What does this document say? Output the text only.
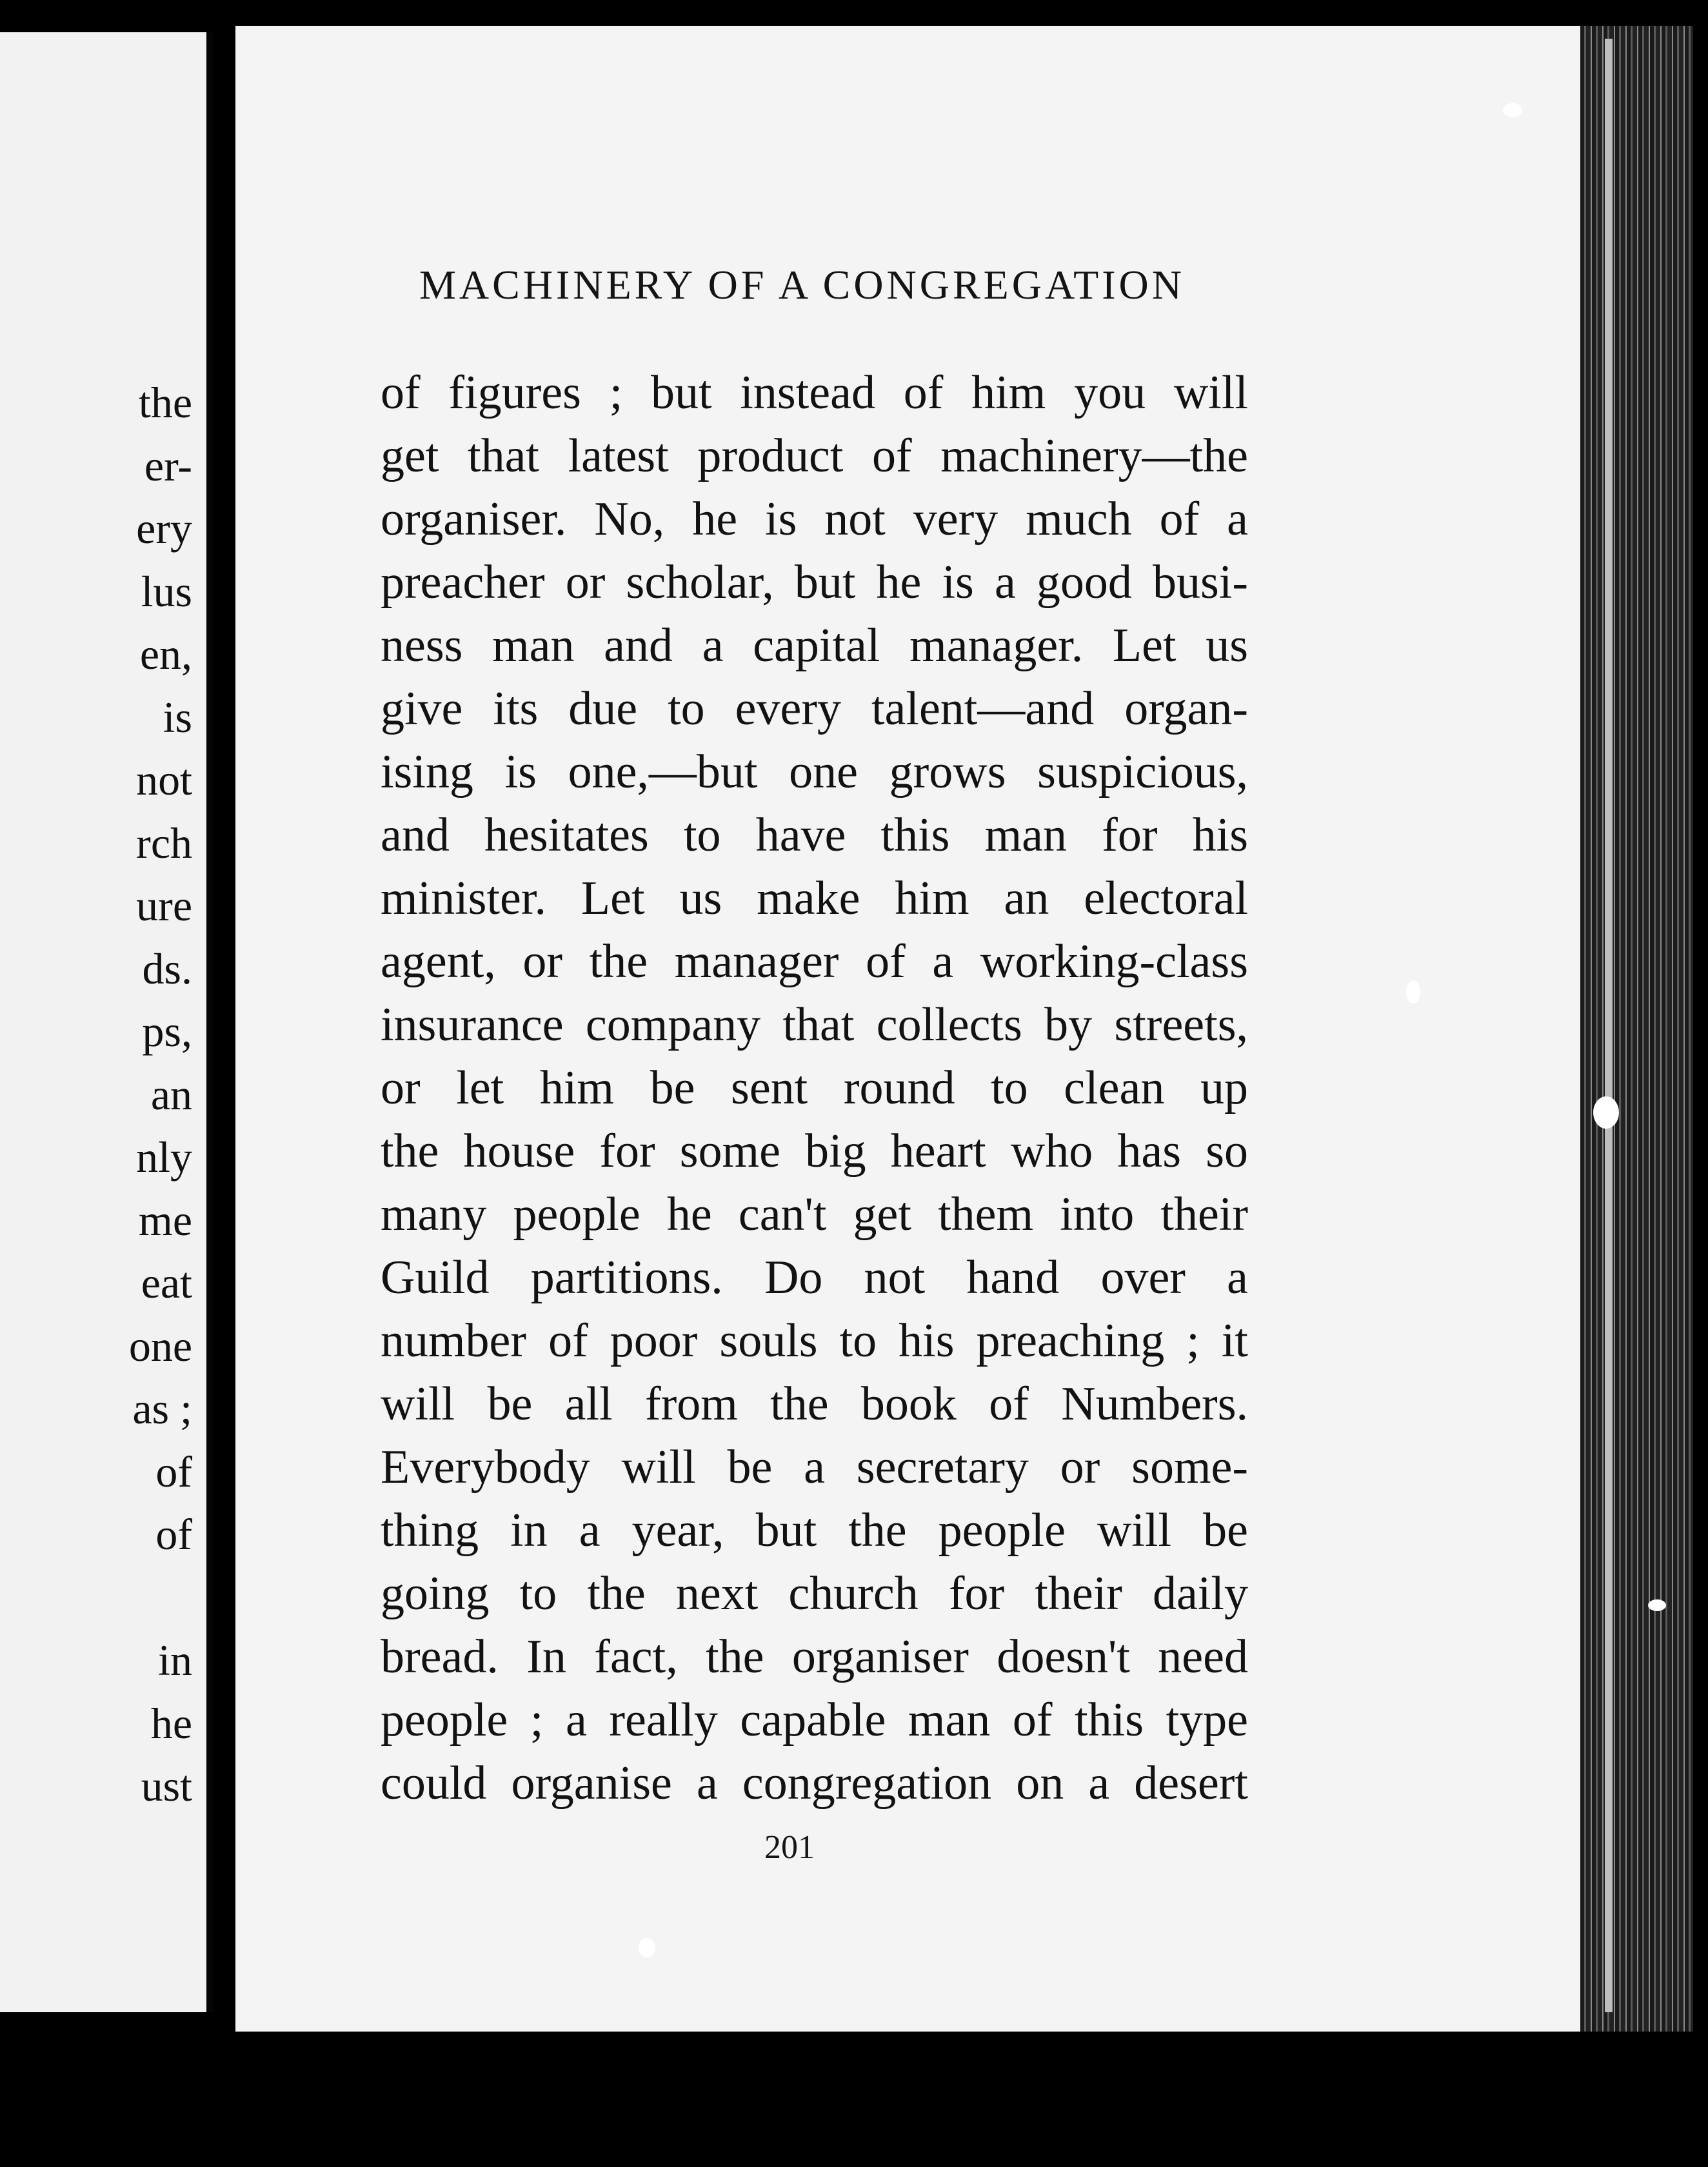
the
er-
ery
lus
en,
is
not
rch
ure
ds.
ps,
an
nly
me
eat
one
as ;
of
of
in
he
ust
MACHINERY OF A CONGREGATION
of figures ; but instead of him you will
get that latest product of machinery—the
organiser. No, he is not very much of a
preacher or scholar, but he is a good busi-
ness man and a capital manager. Let us
give its due to every talent—and organ-
ising is one,—but one grows suspicious,
and hesitates to have this man for his
minister. Let us make him an electoral
agent, or the manager of a working-class
insurance company that collects by streets,
or let him be sent round to clean up
the house for some big heart who has so
many people he can't get them into their
Guild partitions. Do not hand over a
number of poor souls to his preaching ; it
will be all from the book of Numbers.
Everybody will be a secretary or some-
thing in a year, but the people will be
going to the next church for their daily
bread. In fact, the organiser doesn't need
people ; a really capable man of this type
could organise a congregation on a desert
201
